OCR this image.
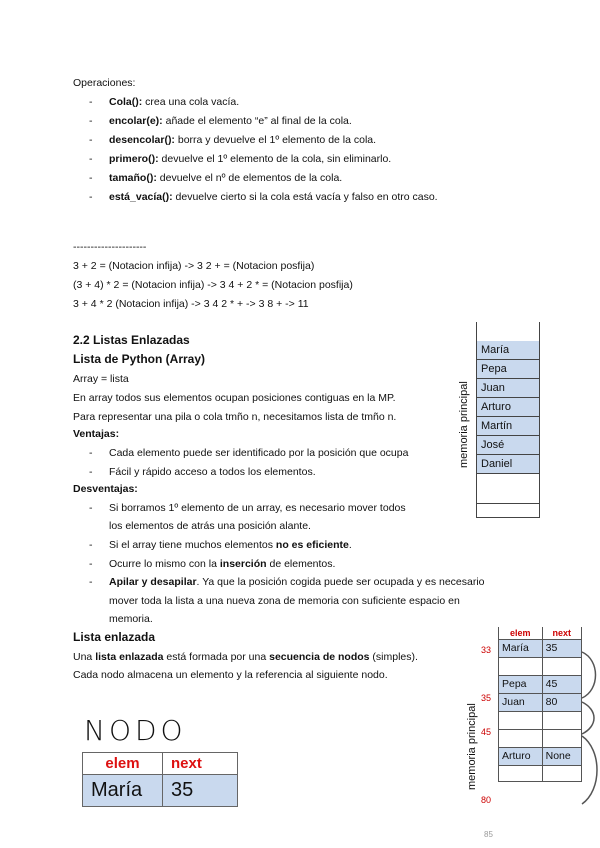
Operaciones:
- Cola(): crea una cola vacía.
- encolar(e): añade el elemento “e” al final de la cola.
- desencolar(): borra y devuelve el 1º elemento de la cola.
- primero(): devuelve el 1º elemento de la cola, sin eliminarlo.
- tamaño(): devuelve el nº de elementos de la cola.
- está_vacía(): devuelve cierto si la cola está vacía y falso en otro caso.
---------------------
3 + 2 = (Notacion infija) -> 3 2 + = (Notacion posfija)
(3 + 4) * 2 = (Notacion infija) -> 3 4 + 2 * = (Notacion posfija)
3 + 4 * 2 (Notacion infija) -> 3 4 2 * + -> 3 8 + -> 11
2.2 Listas Enlazadas
Lista de Python (Array)
Array = lista
En array todos sus elementos ocupan posiciones contiguas en la MP.
Para representar una pila o cola tmño n, necesitamos lista de tmño n.
Ventajas:
- Cada elemento puede ser identificado por la posición que ocupa
- Fácil y rápido acceso a todos los elementos.
Desventajas:
- Si borramos 1º elemento de un array, es necesario mover todos
los elementos de atrás una posición alante.
- Si el array tiene muchos elementos no es eficiente.
- Ocurre lo mismo con la inserción de elementos.
- Apilar y desapilar. Ya que la posición cogida puede ser ocupada y es necesario
mover toda la lista a una nueva zona de memoria con suficiente espacio en
memoria.
Lista enlazada
Una lista enlazada está formada por una secuencia de nodos (simples).
Cada nodo almacena un elemento y la referencia al siguiente nodo.
memoria principal
María
Pepa
Juan
Arturo
Martín
José
Daniel
memoria principal
33
35
45
80
85
elem	next
María	35

Pepa	45
Juan	80

Arturo	None

NODO
elem	next
María	35
